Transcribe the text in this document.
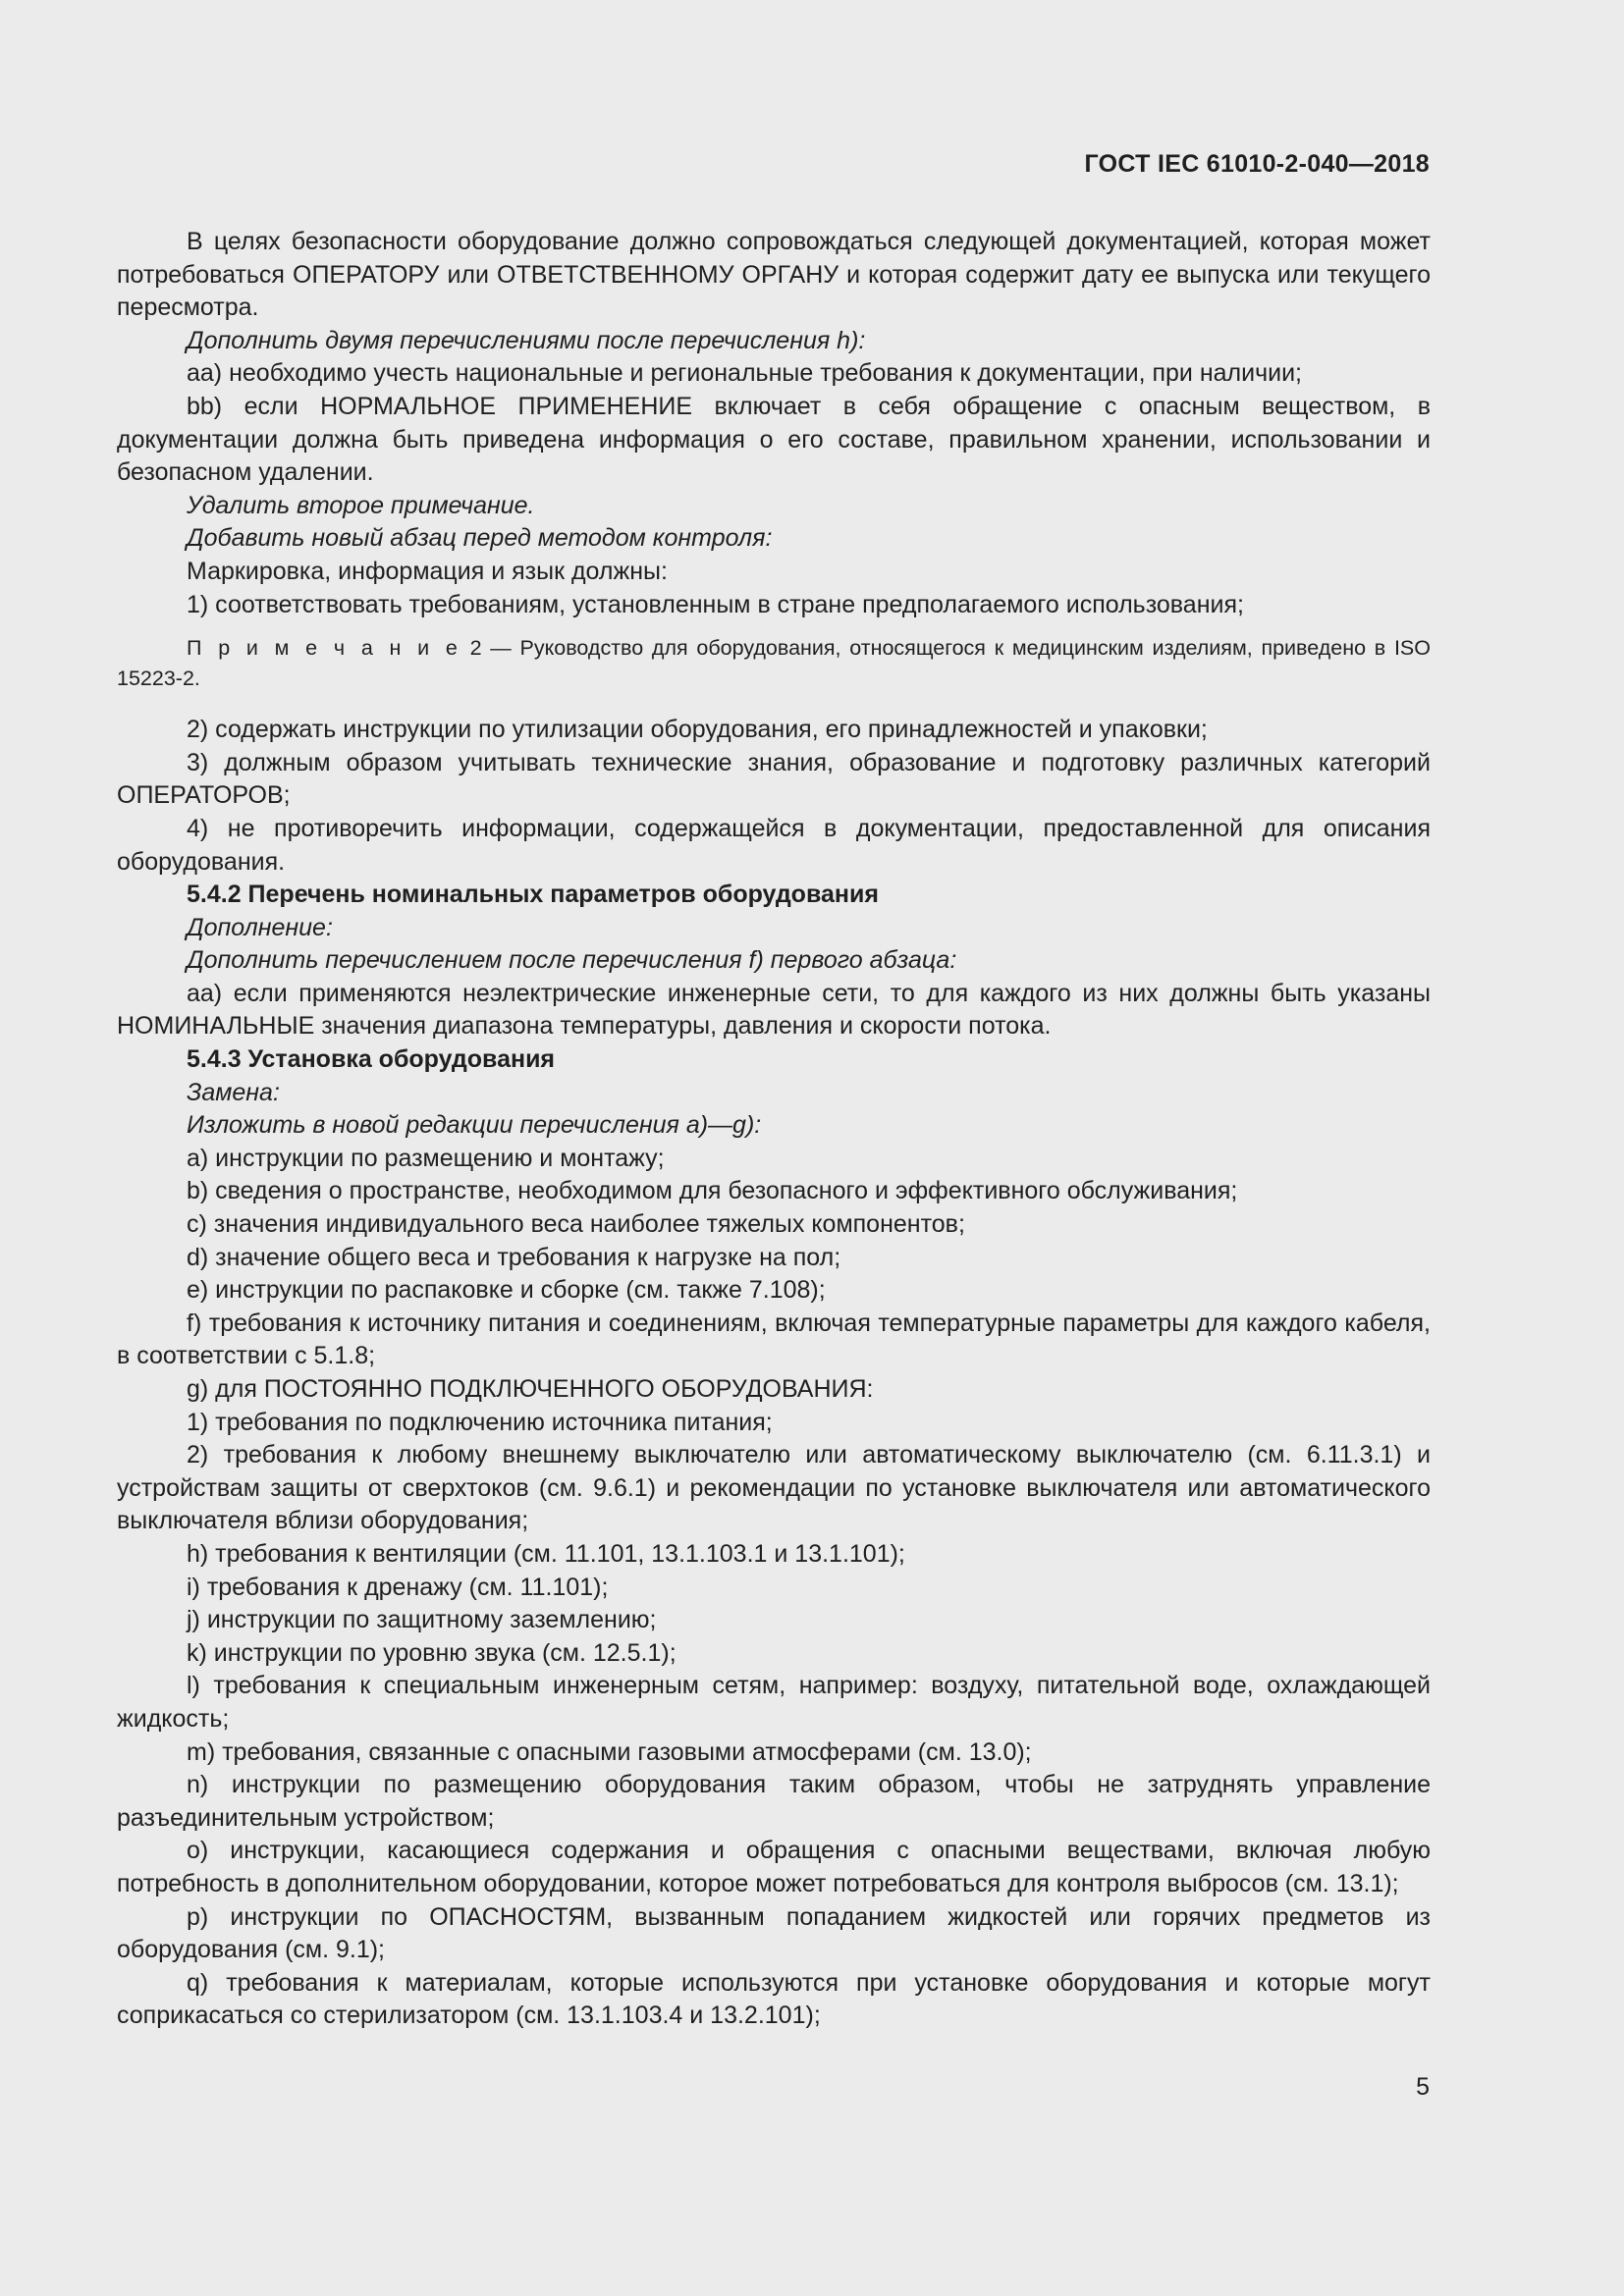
ГОСТ IEC 61010-2-040—2018

В целях безопасности оборудование должно сопровождаться следующей документацией, которая может потребоваться ОПЕРАТОРУ или ОТВЕТСТВЕННОМУ ОРГАНУ и которая содержит дату ее выпуска или текущего пересмотра.

Дополнить двумя перечислениями после перечисления h):

аа) необходимо учесть национальные и региональные требования к документации, при наличии;

bb) если НОРМАЛЬНОЕ ПРИМЕНЕНИЕ включает в себя обращение с опасным веществом, в документации должна быть приведена информация о его составе, правильном хранении, использовании и безопасном удалении.

Удалить второе примечание.

Добавить новый абзац перед методом контроля:

Маркировка, информация и язык должны:

1) соответствовать требованиям, установленным в стране предполагаемого использования;

П р и м е ч а н и е 2 — Руководство для оборудования, относящегося к медицинским изделиям, приведено в ISO 15223-2.

2) содержать инструкции по утилизации оборудования, его принадлежностей и упаковки;

3) должным образом учитывать технические знания, образование и подготовку различных категорий ОПЕРАТОРОВ;

4) не противоречить информации, содержащейся в документации, предоставленной для описания оборудования.

5.4.2 Перечень номинальных параметров оборудования

Дополнение:

Дополнить перечислением после перечисления f) первого абзаца:

аа) если применяются неэлектрические инженерные сети, то для каждого из них должны быть указаны НОМИНАЛЬНЫЕ значения диапазона температуры, давления и скорости потока.

5.4.3 Установка оборудования

Замена:

Изложить в новой редакции перечисления а)—g):

а) инструкции по размещению и монтажу;

b) сведения о пространстве, необходимом для безопасного и эффективного обслуживания;

c) значения индивидуального веса наиболее тяжелых компонентов;

d) значение общего веса и требования к нагрузке на пол;

e) инструкции по распаковке и сборке (см. также 7.108);

f) требования к источнику питания и соединениям, включая температурные параметры для каждого кабеля, в соответствии с 5.1.8;

g) для ПОСТОЯННО ПОДКЛЮЧЕННОГО ОБОРУДОВАНИЯ:

1) требования по подключению источника питания;

2) требования к любому внешнему выключателю или автоматическому выключателю (см. 6.11.3.1) и устройствам защиты от сверхтоков (см. 9.6.1) и рекомендации по установке выключателя или автоматического выключателя вблизи оборудования;

h) требования к вентиляции (см. 11.101, 13.1.103.1 и 13.1.101);

i) требования к дренажу (см. 11.101);

j) инструкции по защитному заземлению;

k) инструкции по уровню звука (см. 12.5.1);

l) требования к специальным инженерным сетям, например: воздуху, питательной воде, охлаждающей жидкость;

m) требования, связанные с опасными газовыми атмосферами (см. 13.0);

n) инструкции по размещению оборудования таким образом, чтобы не затруднять управление разъединительным устройством;

o) инструкции, касающиеся содержания и обращения с опасными веществами, включая любую потребность в дополнительном оборудовании, которое может потребоваться для контроля выбросов (см. 13.1);

p) инструкции по ОПАСНОСТЯМ, вызванным попаданием жидкостей или горячих предметов из оборудования (см. 9.1);

q) требования к материалам, которые используются при установке оборудования и которые могут соприкасаться со стерилизатором (см. 13.1.103.4 и 13.2.101);

5
